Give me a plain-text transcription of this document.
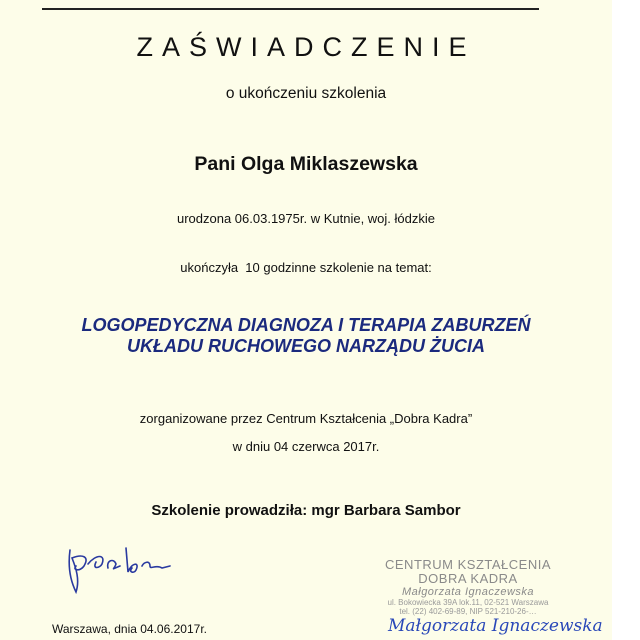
ZAŚWIADCZENIE
o ukończeniu szkolenia
Pani Olga Miklaszewska
urodzona 06.03.1975r. w Kutnie, woj. łódzkie
ukończyła  10 godzinne szkolenie na temat:
LOGOPEDYCZNA DIAGNOZA I TERAPIA ZABURZEŃ
UKŁADU RUCHOWEGO NARZĄDU ŻUCIA
zorganizowane przez Centrum Kształcenia „Dobra Kadra”
w dniu 04 czerwca 2017r.
Szkolenie prowadziła: mgr Barbara Sambor
Warszawa, dnia 04.06.2017r.
CENTRUM KSZTAŁCENIA
DOBRA KADRA
Małgorzata Ignaczewska
ul. Bokowiecka 39A lok.11, 02-521 Warszawa
tel. (22) 402-69-89, NIP 521-210-26-…
Małgorzata Ignaczewska
